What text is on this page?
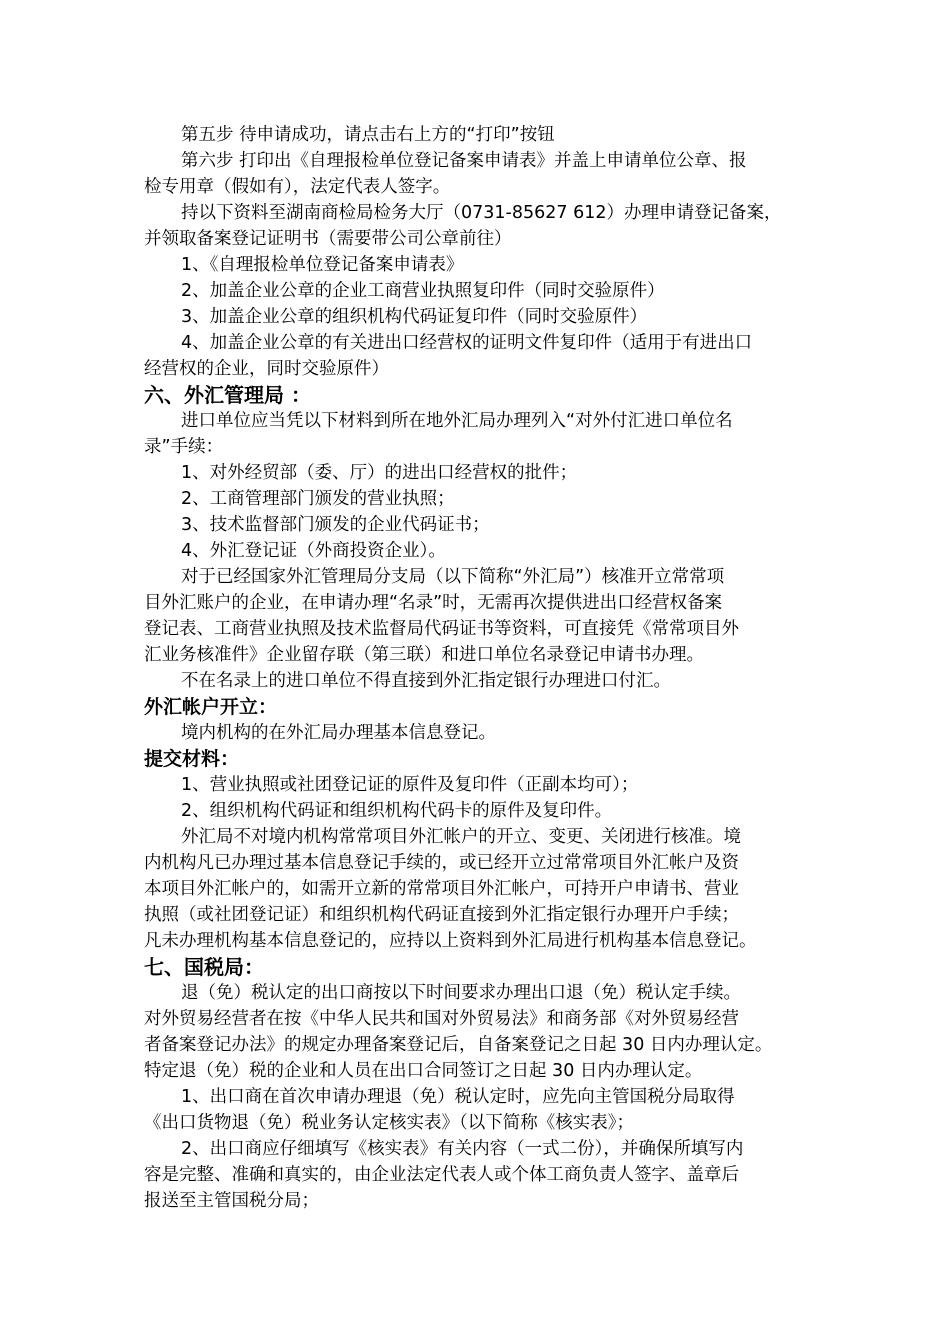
第五步 待申请成功，请点击右上方的“打印”按钮
第六步 打印出《自理报检单位登记备案申请表》并盖上申请单位公章、报
检专用章（假如有），法定代表人签字。
持以下资料至湖南商检局检务大厅（0731-85627 612）办理申请登记备案，
并领取备案登记证明书（需要带公司公章前往）
1、《自理报检单位登记备案申请表》
2、加盖企业公章的企业工商营业执照复印件（同时交验原件）
3、加盖企业公章的组织机构代码证复印件（同时交验原件）
4、加盖企业公章的有关进出口经营权的证明文件复印件（适用于有进出口
经营权的企业，同时交验原件）
六、外汇管理局 ：
进口单位应当凭以下材料到所在地外汇局办理列入“对外付汇进口单位名
录”手续：
1、对外经贸部（委、厅）的进出口经营权的批件；
2、工商管理部门颁发的营业执照；
3、技术监督部门颁发的企业代码证书；
4、外汇登记证（外商投资企业）。
对于已经国家外汇管理局分支局（以下简称“外汇局”）核准开立常常项
目外汇账户的企业，在申请办理“名录”时，无需再次提供进出口经营权备案
登记表、工商营业执照及技术监督局代码证书等资料，可直接凭《常常项目外
汇业务核准件》企业留存联（第三联）和进口单位名录登记申请书办理。
不在名录上的进口单位不得直接到外汇指定银行办理进口付汇。
外汇帐户开立：
境内机构的在外汇局办理基本信息登记。
提交材料：
1、营业执照或社团登记证的原件及复印件（正副本均可）；
2、组织机构代码证和组织机构代码卡的原件及复印件。
外汇局不对境内机构常常项目外汇帐户的开立、变更、关闭进行核准。境
内机构凡已办理过基本信息登记手续的，或已经开立过常常项目外汇帐户及资
本项目外汇帐户的，如需开立新的常常项目外汇帐户，可持开户申请书、营业
执照（或社团登记证）和组织机构代码证直接到外汇指定银行办理开户手续；
凡未办理机构基本信息登记的，应持以上资料到外汇局进行机构基本信息登记。
七、国税局：
退（免）税认定的出口商按以下时间要求办理出口退（免）税认定手续。
对外贸易经营者在按《中华人民共和国对外贸易法》和商务部《对外贸易经营
者备案登记办法》的规定办理备案登记后，自备案登记之日起 30 日内办理认定。
特定退（免）税的企业和人员在出口合同签订之日起 30 日内办理认定。
1、出口商在首次申请办理退（免）税认定时，应先向主管国税分局取得
《出口货物退（免）税业务认定核实表》（以下简称《核实表》；
2、出口商应仔细填写《核实表》有关内容（一式二份），并确保所填写内
容是完整、准确和真实的，由企业法定代表人或个体工商负责人签字、盖章后
报送至主管国税分局；
